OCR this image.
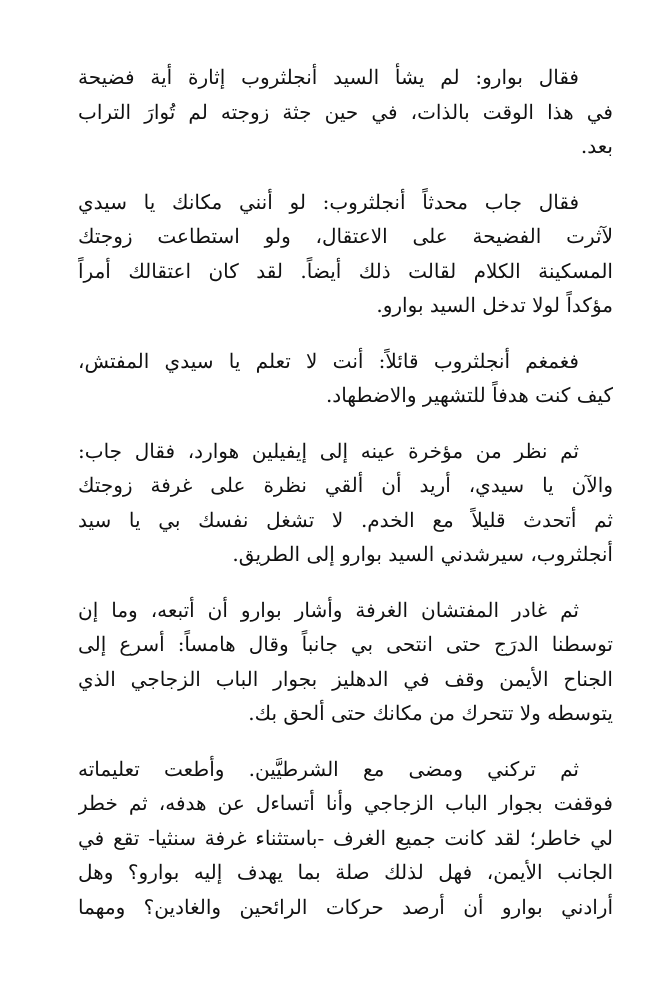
فقال بوارو: لم يشأ السيد أنجلثروب إثارة أية فضيحة
في هذا الوقت بالذات، في حين جثة زوجته لم تُوارَ التراب
بعد.
فقال جاب محدثاً أنجلثروب: لو أنني مكانك يا سيدي
لآثرت الفضيحة على الاعتقال، ولو استطاعت زوجتك
المسكينة الكلام لقالت ذلك أيضاً. لقد كان اعتقالك أمراً
مؤكداً لولا تدخل السيد بوارو.
فغمغم أنجلثروب قائلاً: أنت لا تعلم يا سيدي المفتش،
كيف كنت هدفاً للتشهير والاضطهاد.
ثم نظر من مؤخرة عينه إلى إيفيلين هوارد، فقال جاب:
والآن يا سيدي، أريد أن ألقي نظرة على غرفة زوجتك
ثم أتحدث قليلاً مع الخدم. لا تشغل نفسك بي يا سيد
أنجلثروب، سيرشدني السيد بوارو إلى الطريق.
ثم غادر المفتشان الغرفة وأشار بوارو أن أتبعه، وما إن
توسطنا الدرَج حتى انتحى بي جانباً وقال هامساً: أسرع إلى
الجناح الأيمن وقف في الدهليز بجوار الباب الزجاجي الذي
يتوسطه ولا تتحرك من مكانك حتى ألحق بك.
ثم تركني ومضى مع الشرطيَّين. وأطعت تعليماته
فوقفت بجوار الباب الزجاجي وأنا أتساءل عن هدفه، ثم خطر
لي خاطر؛ لقد كانت جميع الغرف -باستثناء غرفة سنثيا- تقع في
الجانب الأيمن، فهل لذلك صلة بما يهدف إليه بوارو؟ وهل
أرادني بوارو أن أرصد حركات الرائحين والغادين؟ ومهما
